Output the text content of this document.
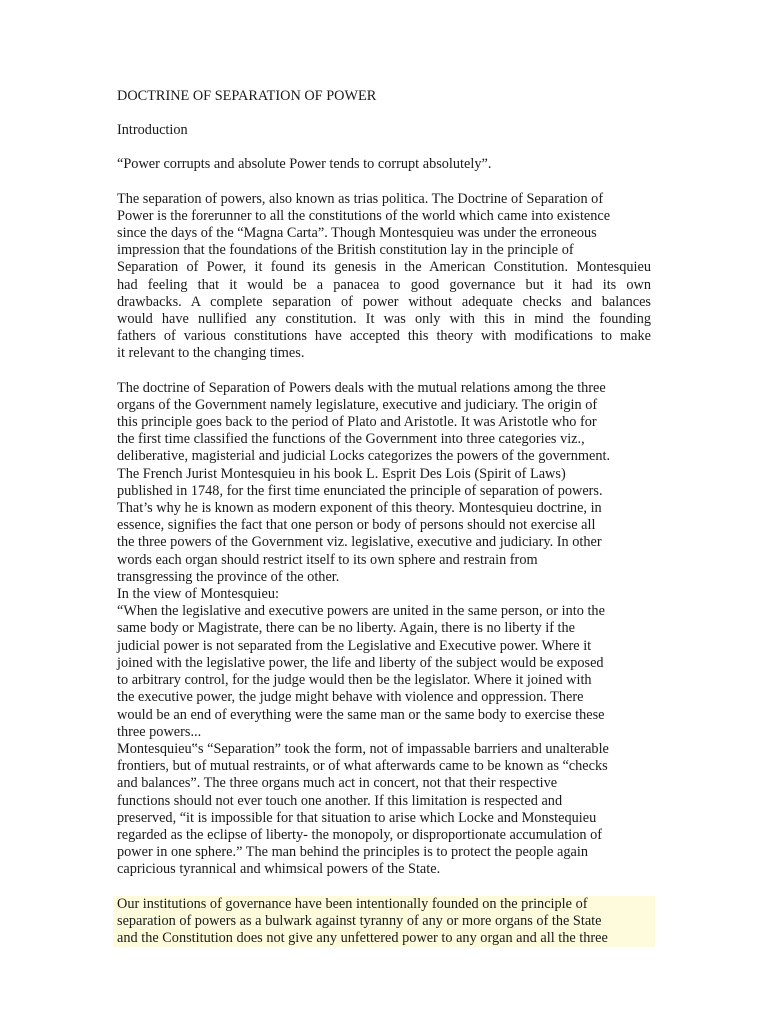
DOCTRINE OF SEPARATION OF POWER

Introduction

“Power corrupts and absolute Power tends to corrupt absolutely”.

The separation of powers, also known as trias politica. The Doctrine of Separation of
Power is the forerunner to all the constitutions of the world which came into existence
since the days of the “Magna Carta”. Though Montesquieu was under the erroneous
impression that the foundations of the British constitution lay in the principle of
Separation of Power, it found its genesis in the American Constitution. Montesquieu
had feeling that it would be a panacea to good governance but it had its own
drawbacks. A complete separation of power without adequate checks and balances
would have nullified any constitution. It was only with this in mind the founding
fathers of various constitutions have accepted this theory with modifications to make
it relevant to the changing times.
The doctrine of Separation of Powers deals with the mutual relations among the three
organs of the Government namely legislature, executive and judiciary. The origin of
this principle goes back to the period of Plato and Aristotle. It was Aristotle who for
the first time classified the functions of the Government into three categories viz.,
deliberative, magisterial and judicial Locks categorizes the powers of the government.
The French Jurist Montesquieu in his book L. Esprit Des Lois (Spirit of Laws)
published in 1748, for the first time enunciated the principle of separation of powers.
That’s why he is known as modern exponent of this theory. Montesquieu doctrine, in
essence, signifies the fact that one person or body of persons should not exercise all
the three powers of the Government viz. legislative, executive and judiciary. In other
words each organ should restrict itself to its own sphere and restrain from
transgressing the province of the other.
In the view of Montesquieu:
“When the legislative and executive powers are united in the same person, or into the
same body or Magistrate, there can be no liberty. Again, there is no liberty if the
judicial power is not separated from the Legislative and Executive power. Where it
joined with the legislative power, the life and liberty of the subject would be exposed
to arbitrary control, for the judge would then be the legislator. Where it joined with
the executive power, the judge might behave with violence and oppression. There
would be an end of everything were the same man or the same body to exercise these
three powers...
Montesquieu‟s “Separation” took the form, not of impassable barriers and unalterable
frontiers, but of mutual restraints, or of what afterwards came to be known as “checks
and balances”. The three organs much act in concert, not that their respective
functions should not ever touch one another. If this limitation is respected and
preserved, “it is impossible for that situation to arise which Locke and Monstequieu
regarded as the eclipse of liberty- the monopoly, or disproportionate accumulation of
power in one sphere.” The man behind the principles is to protect the people again
capricious tyrannical and whimsical powers of the State.
Our institutions of governance have been intentionally founded on the principle of
separation of powers as a bulwark against tyranny of any or more organs of the State
and the Constitution does not give any unfettered power to any organ and all the three
